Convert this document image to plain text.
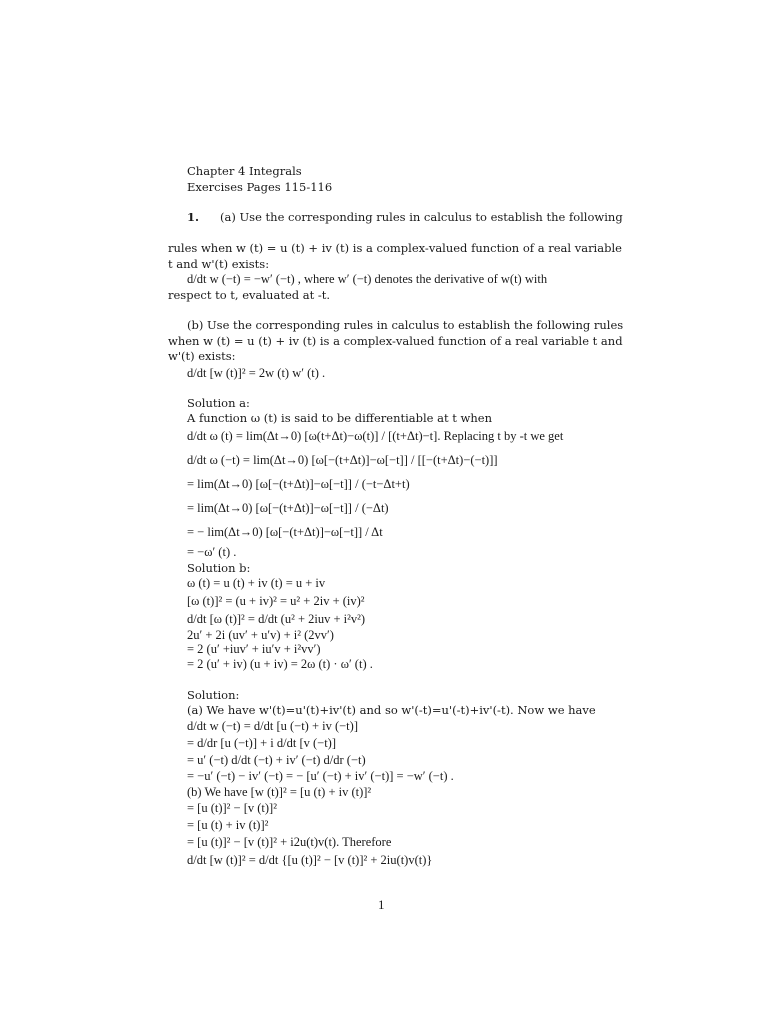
Chapter 4 Integrals
Exercises Pages 115-116
1. (a) Use the corresponding rules in calculus to establish the following
rules when w (t) = u (t) + iv (t) is a complex-valued function of a real variable
t and w'(t) exists:
d/dt w (−t) = −w′ (−t) , where w′ (−t) denotes the derivative of w(t) with
respect to t, evaluated at -t.
(b) Use the corresponding rules in calculus to establish the following rules
when w (t) = u (t) + iv (t) is a complex-valued function of a real variable t and
w'(t) exists:
d/dt [w (t)]² = 2w (t) w′ (t) .
Solution a:
A function ω (t) is said to be differentiable at t when
d/dt ω (t) = lim(Δt→0) [ω(t+Δt)−ω(t)] / [(t+Δt)−t]. Replacing t by -t we get
d/dt ω (−t) = lim(Δt→0) [ω[−(t+Δt)]−ω[−t]] / [[−(t+Δt)−(−t)]]
= lim(Δt→0) [ω[−(t+Δt)]−ω[−t]] / (−t−Δt+t)
= lim(Δt→0) [ω[−(t+Δt)]−ω[−t]] / (−Δt)
= − lim(Δt→0) [ω[−(t+Δt)]−ω[−t]] / Δt
= −ω′ (t) .
Solution b:
ω (t) = u (t) + iv (t) = u + iv
[ω (t)]² = (u + iv)² = u² + 2iv + (iv)²
d/dt [ω (t)]² = d/dt (u² + 2iuv + i²v²)
2u′ + 2i (uv′ + u′v) + i² (2vv′)
= 2 (u′ +iuv′ + iu′v + i²vv′)
= 2 (u′ + iv) (u + iv) = 2ω (t) · ω′ (t) .
Solution:
(a) We have w'(t)=u'(t)+iv'(t) and so w'(-t)=u'(-t)+iv'(-t). Now we have
d/dt w (−t) = d/dt [u (−t) + iv (−t)]
= d/dr [u (−t)] + i d/dt [v (−t)]
= u′ (−t) d/dt (−t) + iv′ (−t) d/dr (−t)
= −u′ (−t) − iv′ (−t) = − [u′ (−t) + iv′ (−t)] = −w′ (−t) .
(b) We have [w (t)]² = [u (t) + iv (t)]²
= [u (t)]² − [v (t)]²
= [u (t) + iv (t)]²
= [u (t)]² − [v (t)]² + i2u(t)v(t). Therefore
d/dt [w (t)]² = d/dt {[u (t)]² − [v (t)]² + 2iu(t)v(t)}
1
